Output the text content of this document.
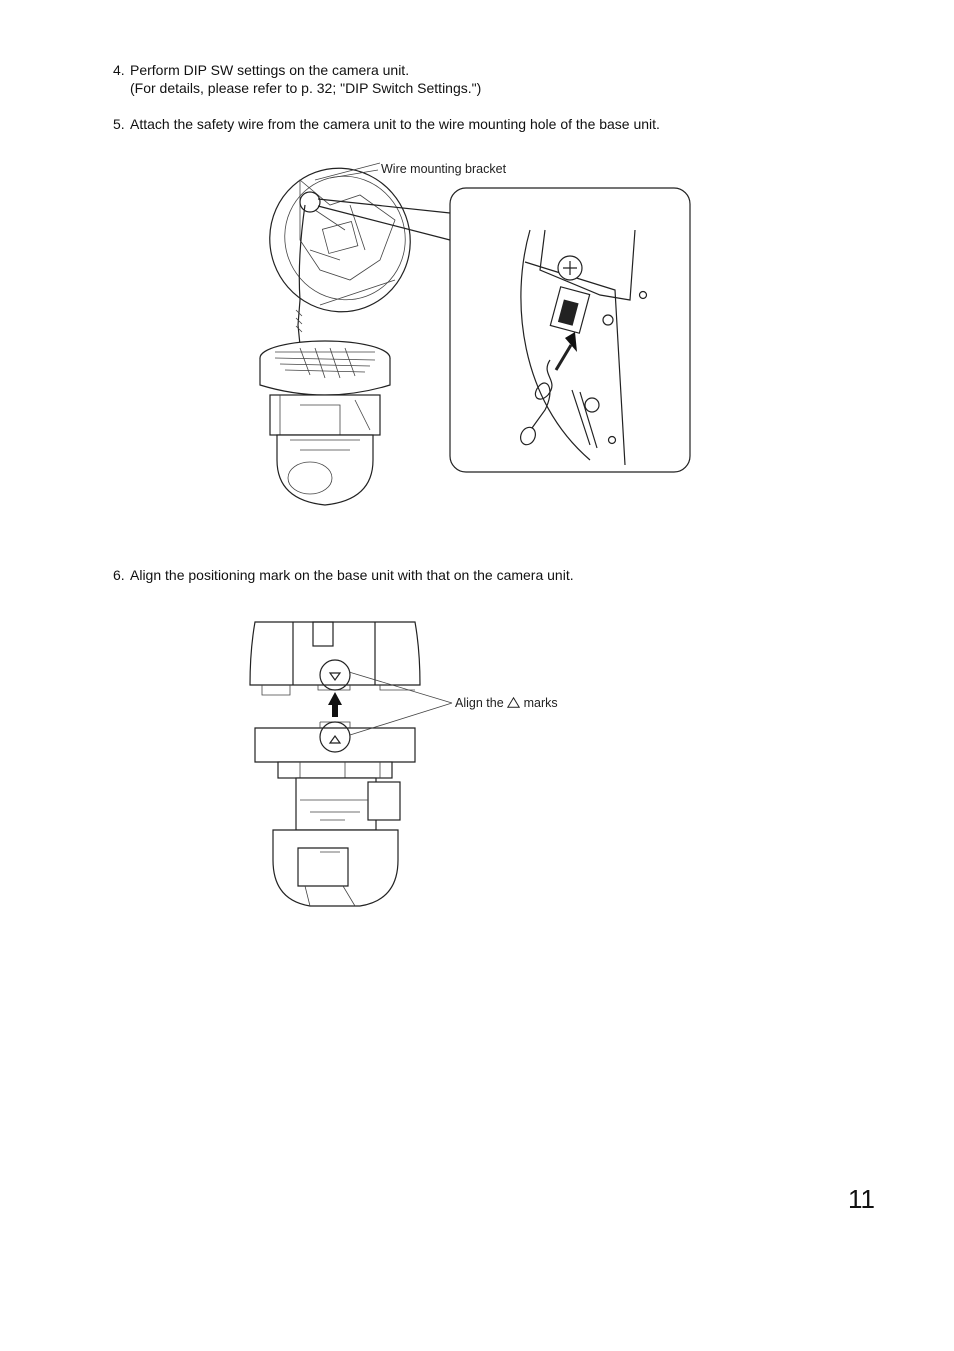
4. Perform DIP SW settings on the camera unit.
(For details, please refer to p. 32; "DIP Switch Settings.")
5. Attach the safety wire from the camera unit to the wire mounting hole of the base unit.
Wire mounting bracket
6. Align the positioning mark on the base unit with that on the camera unit.
Align the marks
11
